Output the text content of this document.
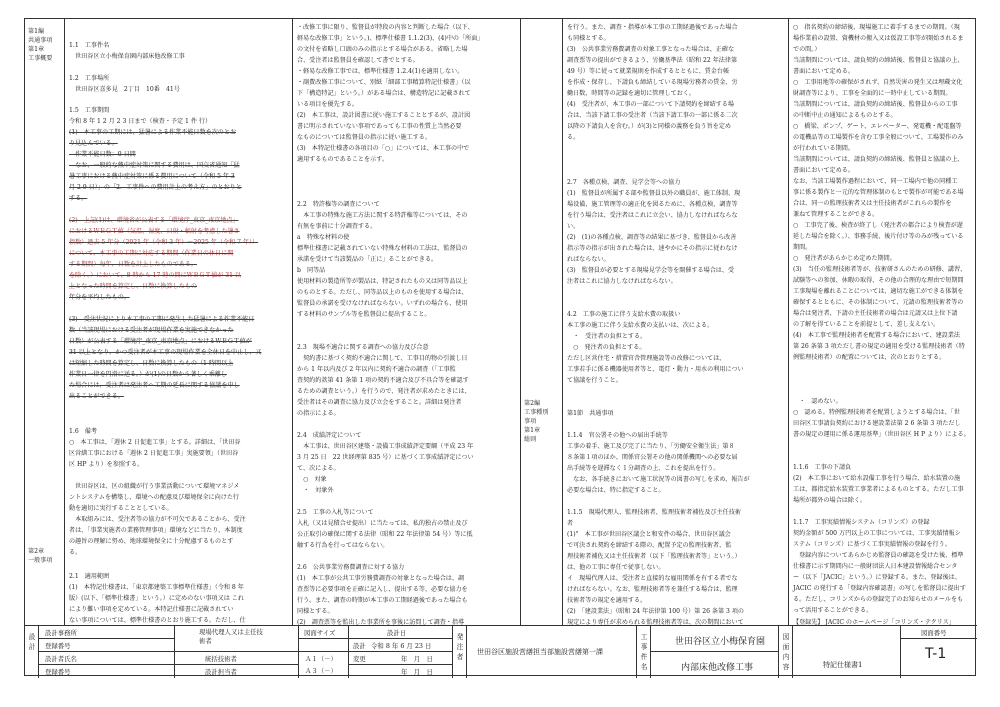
第1編
共通事項
第1章
工事概要
第2章
一般事項
1.1　工事件名
　世田谷区立小梅保育園内部床他改修工事
1.2　工事場所
　世田谷区喜多見　2丁目　10番　41号
1.5　工事期間
令和 8 年 1 2 月 2 3 日まで（検査・予定 1 件 行）
(1)　本工事の工期には、猛暑による作業不能日数を次のとお
り見込んでいる。
　作業不能日数：0 日間
　なお、一般的な熱中症対策に関する費用は、国交省通知「猛
暑工事における熱中症対策に係る費用について（令和 5 年 3
月 2 9 日）」の「2．工事件への費用計上の考え方」のとおりと
する。
(2)　上記(1)は、環境省が公表する「環境庁_東京_東京地点」
におけるＷＢＧＴ値（気温、湿度、日射・輻射を考慮した暑さ
指数）過去 5 年分（2021 年（令和 3 年）～2025 年（令和 7 年））
について、本工事の工期に対応する期間（作業日の休日に関
する期間）毎年、日数を計上したものである。
を除く。）において、8 時から 17 時の間にＷＢＧＴ値が 31 以
上となった時間を算定し、日数に換算したもの
年分を平均したもの。
(3)　受注状況により本工事の工期に発生した猛暑による作業不能日
数（当該現場における受注者が現場作業を実施できなかった
日数）が公表する「環境庁_東京_東京地点」におけるＷＢＧＴ値が
31 以上となり、かつ受注者が本工事の現場作業を全休日を中止し、又
は短縮した時間を算定し、日数に換算したもの（1 時間以上
作業日一律を円滑に送る。）が(1)の日数から著しく乖離し
た場合には、受注者は発注者へ工期の延長に関する協議を申し
出ることができる。
1.6　備考
○　本工事は、「週休 2 日促進工事」とする。詳細は、「世田谷
区営繕工事における「週休 2 日促進工事」実施要領」（世田谷
区 HP より）を参照する。
　世田谷区は、区の組織が行う事業活動について環境マネジメ
ントシステムを構築し、環境への配慮及び環境保全に向けた行
動を適切に実行することとしている。
　本取組みには、受注者等の協力が不可欠であることから、受注
者は、「事業実施者の業務管理事項」環境などに当たり、本制度
の趣旨の理解に努め、地球環境保全に十分配慮するものとす
る。
2.1　適用範囲
(1)　本特記仕様書は、「東京都建築工事標準仕様書」（令和 8 年
版）(以下、「標準仕様書」という。）に定めのない事項又は これ
により難い事項を定めている。本特記仕様書に記載されてい
ない事項については、標準仕様書のとおり施工する。ただし、仕
・改修工事に限り、監督員が特段の内容と判断した場合（以下、
軽易な改修工事」という。)、標準仕様書 1.1.2(3)、(4)中の「所面」
の文付を省略し口頭のみの指示とする場合がある。省略した場
合、受注者は監督員を確認して書でとする。
・軽易な改修工事では、標準仕様書 1.2.4(1)を適用しない。
・副費改修工事について、別紙「細部工事精算特記仕様書」（以
下「構造特記」という。）がある場合は、構造特記に記載されて
いる項目を優先する。
(2)　本工事は、設計図書に従い施工することとするが、設計図
書に明示されていない事項であっても工事の性質上当然必要
なものについては監督員の指示に従い施工する。
(3)　本特記仕様書の各項目の「○」については、本工事の中で
適用するものであることを示す。
2.2　特許権等の調査について
　本工事の特殊な施工方法に関する特許権等については、その
有無を事前に十分調査する。
a　特殊な材料の使
標準仕様書に記載されていない特殊な材料の工法は、監督員の
承諾を受けて当該製品の「正に」ることができる。
b　同等品
使用材料の製造所等が製品は、特記されたもの又は同等品以上
のものとする。ただし、同等品以上のものを使用する場合は、
監督員の承諾を受けなければならない。いずれの場合も、使用
する材料のサンプル等を監督員に提出すること。
2.3　現場不適合に関する調査への協力及び合意
　契約書に基づく契約不適合に関して、工事目的物の引渡し日
から 1 年以内及び 2 年以内に契約不適合の調査（「工事監
査契約約款第 41 条第 1 項の契約不適合及び不具合等を確認す
るための調査という。）を行うので、発注者が求めたときには、
受注者はその調査に協力及び立会をすること。詳細は発注者
の指示による。
2.4　成績評定について
　本工事は、世田谷区建築・設備工事成績評定要綱（平成 23 年
3 月 25 日　22 世経理第 835 号）に基づく工事成績評定につい
て、次による。
　○　対象
　・　対象外
2.5　工事の入札等について
入札（又は見積合せ提出）に当たっては、私的独占の禁止及び
公正取引の確保に関する法律（昭和 22 年法律第 54 号）等に抵
触する行為を行ってはならない。
2.6　公共事業労務費調査に対する協力
(1)　本工事が公共工事労務費調査の対象となった場合は、調
査票等に必要事項を正確に記入し、提出する等、必要な協力を
行う。また、調査の時期が本工事の工期経過後であった場合も
同様とする。
(2)　調査票等を監出した事業所を事後に訪問して調査・指導
第2編
工事種別
事項
第1章
総則
を行う。また、調査・指導が本工事の工期経過後であった場合
も同様とする。
(3)　公共事業労務費調査の対象工事となった場合は、正確な
調査票等の提出ができるよう、労働基準法（昭和 22 年法律第
49 号）等に従って就業規則を作成するとともに、賃金台帳
を作成・保存し、下請負も締結している現場労務者の賃金、労
働日数、時間等の記録を適切に管理しておく。
(4)　受注者が、本工事の一部について下請契約を締結する場
合は、当該下請工事の受注者（当該下請工事の一部に係る二次
以降の下請負人を含む。）が(3)と同様の義務を負う旨を定め
る。
2.7　各種点検、調査、見学会等への協力
(1)　監督員が所属する部や監督員以外の職員が、施工体制、現
場设備、施工管理等の適正化を図るために、各種点検、調査等
を行う場合は、受注者はこれに立会い、協力しなければならな
い。
(2)　(1)の各種点検、調査等の結果に基づき、監督員から改善
指示等の指示が出された場合は、速やかにその指示に従わなけ
ればならない。
(3)　監督員が必要とする現場見学会等を開催する場合は、受
注者はこれに協力しなければならない。
4.2　工事の施工に伴う支給水費の取扱い
本工事の施工に伴う支給水費の支払いは、次による。
　・　受注者の負担とする。
　○　発注者の負担とする。
ただし区営住宅・措置官舎管理施設等の改修については、
工事若手に係る機器使用者等と、電灯・動力・用水の利用につい
て協議を行うこと。
第1節　共通事項
1.1.4　官公署その他への届出手続等
工事の着手、施工及び完了に当たり、「労働安全衛生法」第８
８条第１項のほか、関係官公署その他の関係機関への必要な届
出手続等を遅滞なく１分調査の上、これを提出を行う。
　なお、各手続きにおいて施工状況等の図書の写しを求め、報告が
必要な場合は、特に指定すること。
1.1.5　現場代理人、監理技術者、監理技術者補佐及び主任技術
者
(1)"　本工事が世田谷区議会と和安件の場合、世田谷区議会
で可決され契約を締結する際の、配置予定の監理技術者、監
理技術者補佐又は主任技術者（以下「監理技術者等」という。）
は、他の工事に専任で従事しない。
イ　現場代理人は、受注者と直接的な雇用関係を有する者でな
ければならない。なお、監理技術者等を兼任する場合は、監理
技術者等の規定を適用する。
(2)　「建設業法」（昭和 24 年法律第 100 号）第 26 条第 3 項の
規定により専任が求められる監理技術者等は、次の期間において
○　指名契約の締結後、現場施工に着手するまでの期間。（現
場作業前の設置、資機材の搬入又は仮設工事等が開始されるま
での間。）
当該期間については、請負契約の締結後、監督員と協議の上、
書面において定める。
○　工事用地等の確保がされず、自然災害の発生又は埋蔵文化
財調査等により、工事を全面的に一時中止している期間。
当該期間については、請負契約の締結後、監督員からの工事
の中断中止の通知によるものとする。
○　橋梁、ポンプ、ゲート、エレベーター、発電機・配電盤等
の電機品等の工場製作を含む工事全般について、工場製作のみ
が行われている期間。
当該期間については、請負契約の締結後、監督員と協議の上、
書面において定める。
なお、当該工場製作過程において、同一工場内で他の同種工
事に係る製作と一元的な管理体制のもとで製作が可能である場
合は、同一の監理技術者又は主任技術者がこれらの製作を
兼ねて管理することができる。
○　工事完了後、検査が終了し（発注者の都合により検査が遅
延した場合を除く。）、事務手続、後片付け等のみが残っている
期間。
○　発注者があらかじめ定めた期間。
(3)　当任の監理技術者等が、技術研さんのための研修、講習、
試験等への参加、休暇の取得、その他の合理的な理由で短期間
工事現場を離れることについては、適切な施工ができる体制を
確保するとともに、その体制について、元請の監理技術者等の
場合は発注者、下請の主任技術者の場合は元請又は上位下請
の了解を得ていることを前提として、差し支えない。
(4)　本工事で監理技術者を配置する場合において、建設業法
第 26 条第 3 項ただし書の規定の適用を受ける監理技術者（特
例監理技術者）の配置については、次のとおりとする。
　・　認めない。
○　認める。特例監理技術者を配置しようとする場合は、「世
田谷区工事請負契約における建設業法第 2 6 条第 3 項ただし
書の規定の運用に係る運用基準」（世田谷区 H P より）による。
1.1.6　工事の下請負
(2)　本工事において給水設備工事を行う場合、給水装置の施
工は、都指定給水装置工事業者によるものとする。ただし工事
場所が都外の場合は除く。
1.1.7　工事実績情報システム（コリンズ）の登録
契約金額が 500 万円以上の工事については、工事実績情報シ
ステム（コリンズ）に基づく工事実績情報の登録を行う。
　登録内容についてあらかじめ監督員の確認を受けた後、標準
仕様書に示す期間内に一般財団法人日本建設情報総合センタ
ー（以下「JACIC」という。）に登録する。また、登録後は、
JACIC の発行する「登録内容確認書」の写しを監督員に提出す
る。ただし、コリンズからの登録完了のお知らせのメールをも
って活用することができる。
【登録先】 JACIC のホームページ「コリンズ・テクリス」
設計
設計事務所
登録番号
設計者氏名
登録番号
現場代理人又は主任技術者
統括技術者
設計担当者
図面サイズ
Ａ１（－）
Ａ３（－）
設計日
設計 令和 8 年 6 月 23 日
変更	年　月　日
年　月　日
発注者
世田谷区施設営繕担当部施設営繕第一課
工事件名
世田谷区立小梅保育園
内部床他改修工事
図面内容	特記仕様書1
図面番号
T-1
